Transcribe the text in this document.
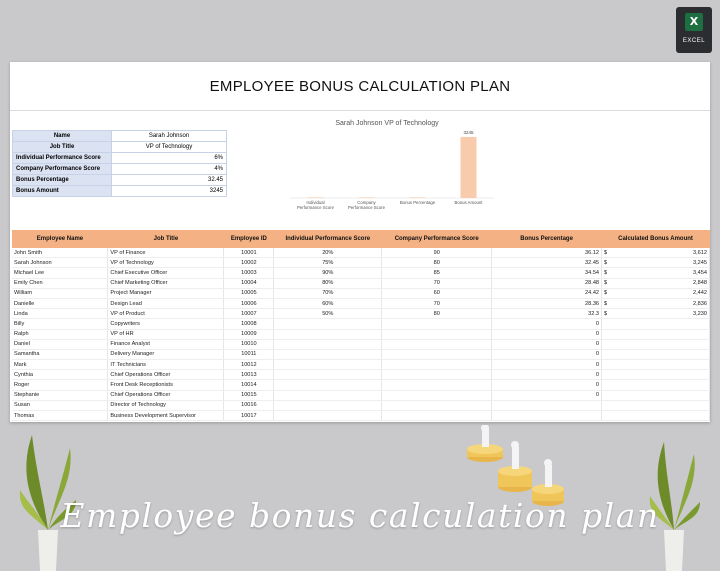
X
EXCEL
EMPLOYEE BONUS CALCULATION PLAN
Name	Sarah Johnson
Job Title	VP of Technology
Individual Performance Score	6%
Company Performance Score	4%
Bonus Percentage	32.45
Bonus Amount	3245
Sarah Johnson VP of Technology
Individual Performance Score
Company Performance Score
Bonus Percentage
3245
Bonus Amount
Employee Name	Job Title	Employee ID	Individual Performance Score	Company Performance Score	Bonus Percentage	Calculated Bonus Amount
John Smith	VP of Finance	10001	20%	90	36.12	$ 3,612
Sarah Johnson	VP of Technology	10002	75%	80	32.45	$ 3,245
Michael Lee	Chief Executive Officer	10003	90%	85	34.54	$ 3,454
Emily Chen	Chief Marketing Officer	10004	80%	70	28.48	$ 2,848
William	Project Manager	10005	70%	60	24.42	$ 2,442
Danielle	Design Lead	10006	60%	70	28.36	$ 2,836
Linda	VP of Product	10007	50%	80	32.3	$ 3,230
Billy	Copywriters	10008			0	
Ralph	VP of HR	10009			0	
Daniel	Finance Analyst	10010			0	
Samantha	Delivery Manager	10011			0	
Mark	IT Technicians	10012			0	
Cynthia	Chief Operations Officer	10013			0	
Roger	Front Desk Receptionists	10014			0	
Stephanie	Chief Operations Officer	10015			0	
Susan	Director of Technology	10016				
Thomas	Business Development Supervisor	10017				
Employee bonus calculation plan
